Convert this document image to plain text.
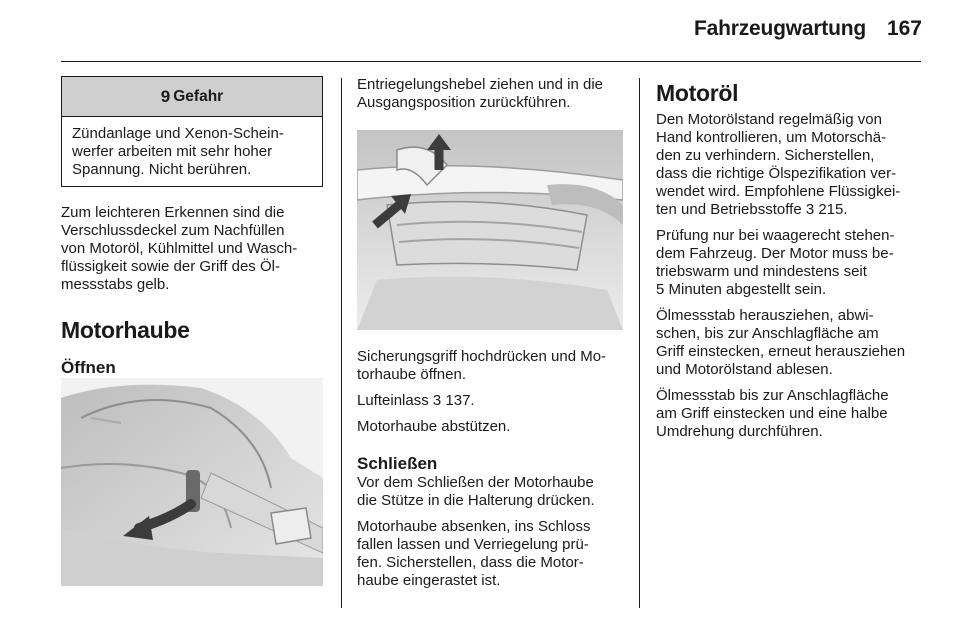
Fahrzeugwartung 167
9 Gefahr
Zündanlage und Xenon-Schein-
werfer arbeiten mit sehr hoher
Spannung. Nicht berühren.

Zum leichteren Erkennen sind die
Verschlussdeckel zum Nachfüllen
von Motoröl, Kühlmittel und Wasch-
flüssigkeit sowie der Griff des Öl-
messstabs gelb.

Motorhaube
Öffnen

Entriegelungshebel ziehen und in die
Ausgangsposition zurückführen.

Sicherungsgriff hochdrücken und Mo-
torhaube öffnen.

Lufteinlass 3 137.

Motorhaube abstützen.

Schließen

Vor dem Schließen der Motorhaube
die Stütze in die Halterung drücken.

Motorhaube absenken, ins Schloss
fallen lassen und Verriegelung prü-
fen. Sicherstellen, dass die Motor-
haube eingerastet ist.

Motoröl

Den Motorölstand regelmäßig von
Hand kontrollieren, um Motorschä-
den zu verhindern. Sicherstellen,
dass die richtige Ölspezifikation ver-
wendet wird. Empfohlene Flüssigkei-
ten und Betriebsstoffe 3 215.

Prüfung nur bei waagerecht stehen-
dem Fahrzeug. Der Motor muss be-
triebswarm und mindestens seit
5 Minuten abgestellt sein.

Ölmessstab herausziehen, abwi-
schen, bis zur Anschlagfläche am
Griff einstecken, erneut herausziehen
und Motorölstand ablesen.

Ölmessstab bis zur Anschlagfläche
am Griff einstecken und eine halbe
Umdrehung durchführen.
